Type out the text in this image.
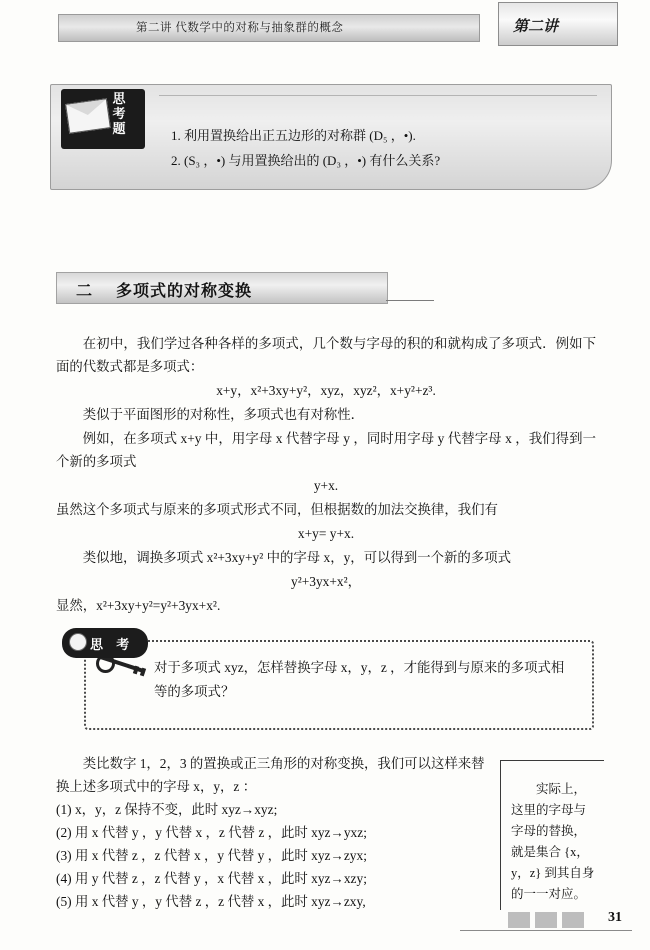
第二讲 代数学中的对称与抽象群的概念	第二讲
思考题	1. 利用置换给出正五边形的对称群 (D₅ ，•).
2. (S₃ ，•) 与用置换给出的 (D₃ ，•) 有什么关系?
二 多项式的对称变换

在初中，我们学过各种各样的多项式，几个数与字母的积的和就构成了多项式．例如下面的代数式都是多项式：

x+y，x²+3xy+y²，xyz，xyz²，x+y²+z³.

类似于平面图形的对称性，多项式也有对称性．

例如，在多项式 x+y 中，用字母 x 代替字母 y ，同时用字母 y 代替字母 x ，我们得到一个新的多项式

y+x.

虽然这个多项式与原来的多项式形式不同，但根据数的加法交换律，我们有

x+y= y+x.

类似地，调换多项式 x²+3xy+y² 中的字母 x，y，可以得到一个新的多项式

y²+3yx+x²，

显然，x²+3xy+y²=y²+3yx+x².

对于多项式 xyz，怎样替换字母 x，y，z ，才能得到与原来的多项式相等的多项式？
思 考

类比数字 1，2，3 的置换或正三角形的对称变换，我们可以这样来替换上述多项式中的字母 x，y，z ：

(1) x，y，z 保持不变，此时 xyz→xyz;

(2) 用 x 代替 y ，y 代替 x ，z 代替 z ，此时 xyz→yxz;

(3) 用 x 代替 z ，z 代替 x ，y 代替 y ，此时 xyz→zyx;

(4) 用 y 代替 z ，z 代替 y ，x 代替 x ，此时 xyz→xzy;

(5) 用 x 代替 y ，y 代替 z ，z 代替 x ，此时 xyz→zxy,

实际上，这里的字母与字母的替换，就是集合 {x，y，z} 到其自身的一一对应。

31
